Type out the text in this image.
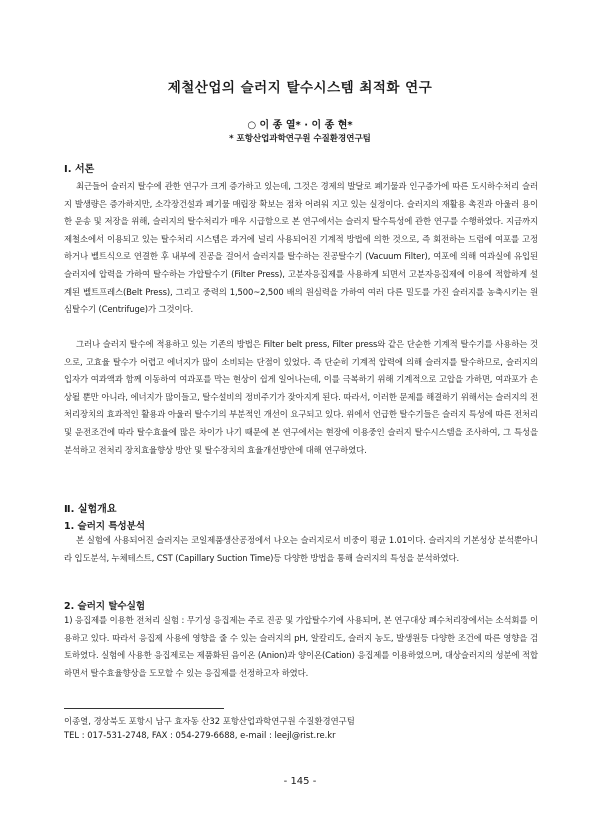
제철산업의 슬러지 탈수시스템 최적화 연구
○ 이 종 열* · 이 종 현*
* 포항산업과학연구원 수질환경연구팀
Ⅰ. 서론
최근들어 슬러지 탈수에 관한 연구가 크게 증가하고 있는데, 그것은 경제의 발달로 폐기물과 인구증가에 따른 도시하수처리 슬러지 발생량은 증가하지만, 소각장건설과 폐기물 매립장 확보는 점차 어려워 지고 있는 실정이다. 슬러지의 재활용 촉진과 아울러 용이한 운송 및 저장을 위해, 슬러지의 탈수처리가 매우 시급함으로 본 연구에서는 슬러지 탈수특성에 관한 연구를 수행하였다. 지금까지 제철소에서 이용되고 있는 탈수처리 시스템은 과거에 널리 사용되어진 기계적 방법에 의한 것으로, 즉 회전하는 드럼에 여포를 고정하거나 벨트식으로 연결한 후 내부에 진공을 걸어서 슬러지를 탈수하는 진공탈수기 (Vacuum Filter), 여포에 의해 여과실에 유입된 슬러지에 압력을 가하여 탈수하는 가압탈수기 (Filter Press), 고분자응집제를 사용하게 되면서 고분자응집제에 이용에 적합하게 설계된 벨트프레스(Belt Press), 그리고 중력의 1,500~2,500 배의 원심력을 가하여 여러 다른 밀도를 가진 슬러지를 농축시키는 원심탈수기 (Centrifuge)가 그것이다.
그러나 슬러지 탈수에 적용하고 있는 기존의 방법은 Filter belt press, Filter press와 같은 단순한 기계적 탈수기를 사용하는 것으로, 고효율 탈수가 어렵고 에너지가 많이 소비되는 단점이 있었다. 즉 단순히 기계적 압력에 의해 슬러지를 탈수하므로, 슬러지의 입자가 여과액과 함께 이동하여 여과포를 막는 현상이 쉽게 일어나는데, 이를 극복하기 위해 기계적으로 고압을 가하면, 여과포가 손상될 뿐만 아니라, 에너지가 많이들고, 탈수설비의 정비주기가 잦아지게 된다. 따라서, 이러한 문제를 해결하기 위해서는 슬러지의 전처리장치의 효과적인 활용과 아울러 탈수기의 부분적인 개선이 요구되고 있다. 위에서 언급한 탈수기들은 슬러지 특성에 따른 전처리 및 운전조건에 따라 탈수효율에 많은 차이가 나기 때문에 본 연구에서는 현장에 이용중인 슬러지 탈수시스템을 조사하여, 그 특성을 분석하고 전처리 장치효율향상 방안 및 탈수장치의 효율개선방안에 대해 연구하였다.
Ⅱ. 실험개요
1. 슬러지 특성분석
본 실험에 사용되어진 슬러지는 코일제품생산공정에서 나오는 슬러지로서 비중이 평균 1.01이다. 슬러지의 기본성상 분석뿐아니라 입도분석, 누체테스트, CST (Capillary Suction Time)등 다양한 방법을 통해 슬러지의 특성을 분석하였다.
2. 슬러지 탈수실험
1) 응집제를 이용한 전처리 실험 : 무기성 응집제는 주로 진공 및 가압탈수기에 사용되며, 본 연구대상 폐수처리장에서는 소석회를 이용하고 있다. 따라서 응집제 사용에 영향을 줄 수 있는 슬러지의 pH, 알칼리도, 슬러지 농도, 발생원등 다양한 조건에 따른 영향을 검토하였다. 실험에 사용한 응집제로는 제품화된 음이온 (Anion)과 양이온(Cation) 응집제를 이용하였으며, 대상슬러지의 성분에 적합하면서 탈수효율향상을 도모할 수 있는 응집제를 선정하고자 하였다.
이종열, 경상북도 포항시 남구 효자동 산32 포항산업과학연구원 수질환경연구팀
TEL : 017-531-2748, FAX : 054-279-6688, e-mail : leejl@rist.re.kr
- 145 -
